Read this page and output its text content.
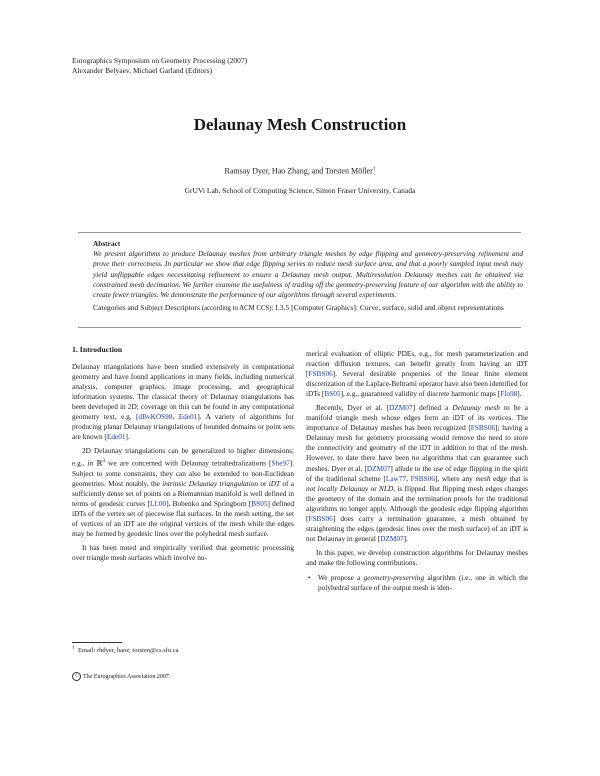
Eurographics Symposium on Geometry Processing (2007)
Alexander Belyaev, Michael Garland (Editors)
Delaunay Mesh Construction
Ramsay Dyer, Hao Zhang, and Torsten Möller†
GrUVi Lab, School of Computing Science, Simon Fraser University, Canada
Abstract
We present algorithms to produce Delaunay meshes from arbitrary triangle meshes by edge flipping and geometry-preserving refinement and prove their correctness. In particular we show that edge flipping serves to reduce mesh surface area, and that a poorly sampled input mesh may yield unflippable edges necessitating refinement to ensure a Delaunay mesh output. Multiresolution Delaunay meshes can be obtained via constrained mesh decimation. We further examine the usefulness of trading off the geometry-preserving feature of our algorithm with the ability to create fewer triangles. We demonstrate the performance of our algorithms through several experiments.
Categories and Subject Descriptors (according to ACM CCS): I.3.5 [Computer Graphics]: Curve, surface, solid and object representations
1. Introduction

Delaunay triangulations have been studied extensively in computational geometry and have found applications in many fields, including numerical analysis, computer graphics, image processing, and geographical information systems. The classical theory of Delaunay triangulations has been developed in 2D; coverage on this can be found in any computational geometry text, e.g. [dBvKOS98, Ede01]. A variety of algorithms for producing planar Delaunay triangulations of bounded domains or point sets are known [Ede01].

2D Delaunay triangulations can be generalized to higher dimensions; e.g., in ℝ$^3$ we are concerned with Delaunay tetrahedralizations [She97]. Subject to some constraints, they can also be extended to non-Euclidean geometries. Most notably, the intrinsic Delaunay triangulation or iDT of a sufficiently dense set of points on a Riemannian manifold is well defined in terms of geodesic curves [LL00]. Bobenko and Springborn [BS05] defined iDTs of the vertex set of piecewise flat surfaces. In the mesh setting, the set of vertices of an iDT are the original vertices of the mesh while the edges may be formed by geodesic lines over the polyhedral mesh surface.

It has been noted and empirically verified that geometric processing over triangle mesh surfaces which involve nu-

merical evaluation of elliptic PDEs, e.g., for mesh parameterization and reaction diffusion textures, can benefit greatly from having an iDT [FSBS06]. Several desirable properties of the linear finite element discretization of the Laplace-Beltrami operator have also been identified for iDTs [BS05], e.g., guaranteed validity of discrete harmonic maps [Flo98].

Recently, Dyer et al. [DZM07] defined a Delaunay mesh to be a manifold triangle mesh whose edges form an iDT of its vertices. The importance of Delaunay meshes has been recognized [FSBS06]; having a Delaunay mesh for geometry processing would remove the need to store the connectivity and geometry of the iDT in addition to that of the mesh. However, to date there have been no algorithms that can guarantee such meshes. Dyer et al. [DZM07] allude to the use of edge flipping in the spirit of the traditional scheme [Law77, FSBS06], where any mesh edge that is not locally Delaunay or NLD, is flipped. But flipping mesh edges changes the geometry of the domain and the termination proofs for the traditional algorithms no longer apply. Although the geodesic edge flipping algorithm [FSBS06] does carry a termination guarantee, a mesh obtained by straightening the edges (geodesic lines over the mesh surface) of an iDT is not Delaunay in general [DZM07].

In this paper, we develop construction algorithms for Delaunay meshes and make the following contributions.

• We propose a geometry-preserving algorithm (i.e., one in which the polyhedral surface of the output mesh is iden-
† Email: rhdyer, haoz, torsten@cs.sfu.ca
c The Eurographics Association 2007.
